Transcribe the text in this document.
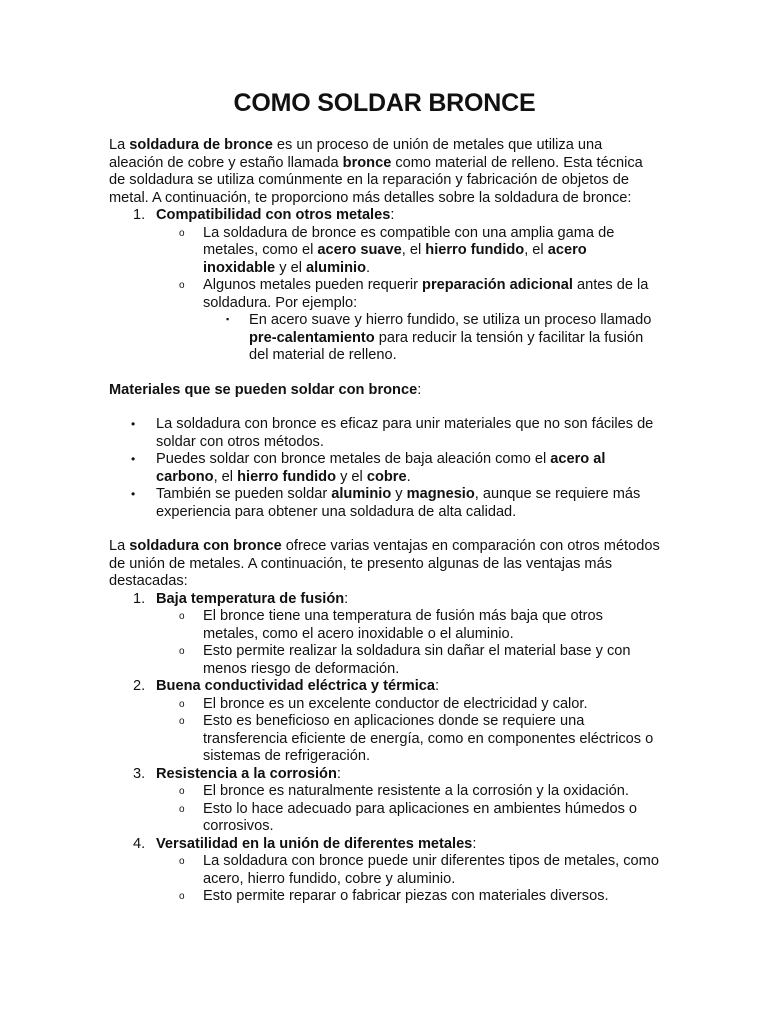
COMO SOLDAR BRONCE

La soldadura de bronce es un proceso de unión de metales que utiliza una aleación de cobre y estaño llamada bronce como material de relleno. Esta técnica de soldadura se utiliza comúnmente en la reparación y fabricación de objetos de metal. A continuación, te proporciono más detalles sobre la soldadura de bronce:

1. Compatibilidad con otros metales:
o La soldadura de bronce es compatible con una amplia gama de metales, como el acero suave, el hierro fundido, el acero inoxidable y el aluminio.
o Algunos metales pueden requerir preparación adicional antes de la soldadura. Por ejemplo:
▪ En acero suave y hierro fundido, se utiliza un proceso llamado pre-calentamiento para reducir la tensión y facilitar la fusión del material de relleno.

Materiales que se pueden soldar con bronce:

• La soldadura con bronce es eficaz para unir materiales que no son fáciles de soldar con otros métodos.
• Puedes soldar con bronce metales de baja aleación como el acero al carbono, el hierro fundido y el cobre.
• También se pueden soldar aluminio y magnesio, aunque se requiere más experiencia para obtener una soldadura de alta calidad.

La soldadura con bronce ofrece varias ventajas en comparación con otros métodos de unión de metales. A continuación, te presento algunas de las ventajas más destacadas:

1. Baja temperatura de fusión:
o El bronce tiene una temperatura de fusión más baja que otros metales, como el acero inoxidable o el aluminio.
o Esto permite realizar la soldadura sin dañar el material base y con menos riesgo de deformación.
2. Buena conductividad eléctrica y térmica:
o El bronce es un excelente conductor de electricidad y calor.
o Esto es beneficioso en aplicaciones donde se requiere una transferencia eficiente de energía, como en componentes eléctricos o sistemas de refrigeración.
3. Resistencia a la corrosión:
o El bronce es naturalmente resistente a la corrosión y la oxidación.
o Esto lo hace adecuado para aplicaciones en ambientes húmedos o corrosivos.
4. Versatilidad en la unión de diferentes metales:
o La soldadura con bronce puede unir diferentes tipos de metales, como acero, hierro fundido, cobre y aluminio.
o Esto permite reparar o fabricar piezas con materiales diversos.
